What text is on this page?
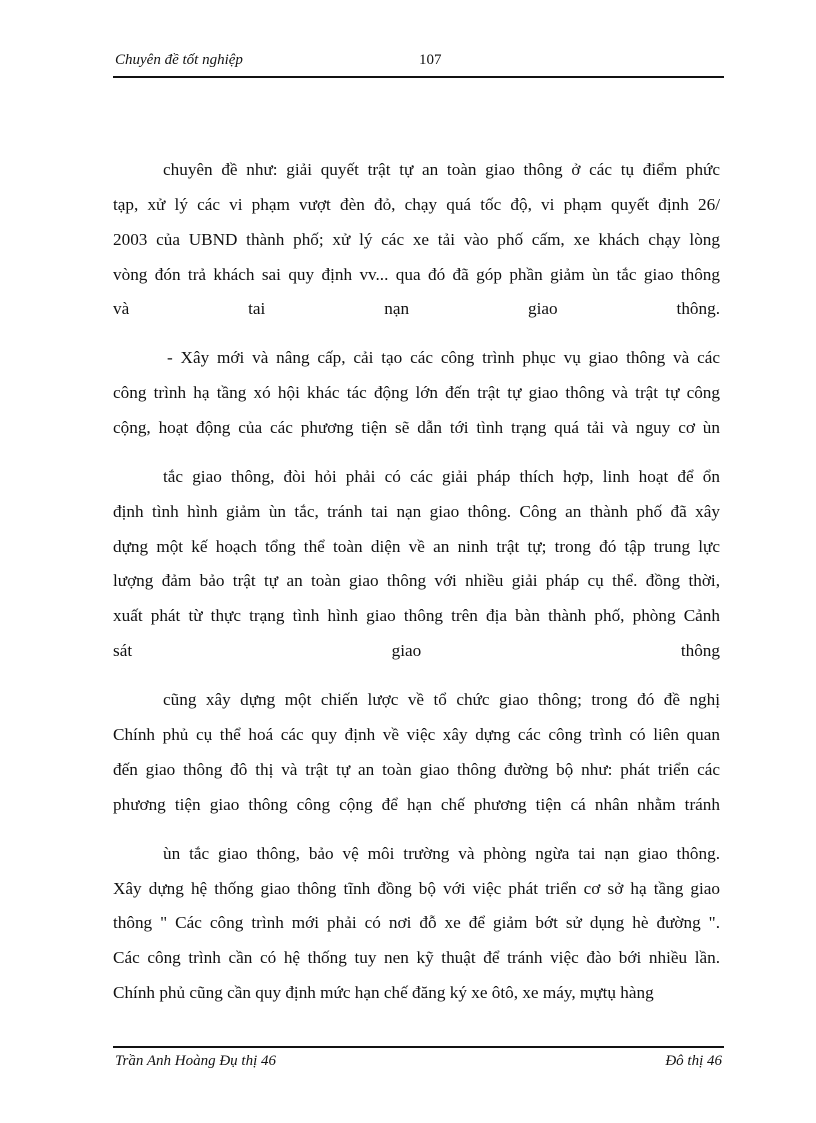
Chuyên đề tốt nghiệp	107
chuyên đề như: giải quyết trật tự an toàn giao thông ở các tụ điểm phức
tạp, xử lý các vi phạm vượt đèn đỏ, chạy quá tốc độ, vi phạm quyết định 26/
2003 của UBND thành phố; xử lý các xe tải vào phố cấm, xe khách chạy lòng
vòng đón trả khách sai quy định vv... qua đó đã góp phần giảm ùn tắc giao thông
và tai nạn giao thông.
- Xây mới và nâng cấp, cải tạo các công trình phục vụ giao thông và các
công trình hạ tầng xó hội khác tác động lớn đến trật tự giao thông và trật tự công
cộng, hoạt động của các phương tiện sẽ dẫn tới tình trạng quá tải và nguy cơ ùn
tắc giao thông, đòi hỏi phải có các giải pháp thích hợp, linh hoạt để ổn
định tình hình giảm ùn tắc, tránh tai nạn giao thông. Công an thành phố đã xây
dựng một kế hoạch tổng thể toàn diện về an ninh trật tự; trong đó tập trung lực
lượng đảm bảo trật tự an toàn giao thông với nhiều giải pháp cụ thể. đồng thời,
xuất phát từ thực trạng tình hình giao thông trên địa bàn thành phố, phòng Cảnh
sát giao thông
cũng xây dựng một chiến lược về tổ chức giao thông; trong đó đề nghị
Chính phủ cụ thể hoá các quy định về việc xây dựng các công trình có liên quan
đến giao thông đô thị và trật tự an toàn giao thông đường bộ như: phát triển các
phương tiện giao thông công cộng để hạn chế phương tiện cá nhân nhằm tránh
ùn tắc giao thông, bảo vệ môi trường và phòng ngừa tai nạn giao thông.
Xây dựng hệ thống giao thông tĩnh đồng bộ với việc phát triển cơ sở hạ tầng giao
thông " Các công trình mới phải có nơi đỗ xe để giảm bớt sử dụng hè đường ".
Các công trình cần có hệ thống tuy nen kỹ thuật để tránh việc đào bới nhiều lần.
Chính phủ cũng cần quy định mức hạn chế đăng ký xe ôtô, xe máy, mựtụ hàng
Trần Anh Hoàng Đụ thị 46	Đô thị 46
